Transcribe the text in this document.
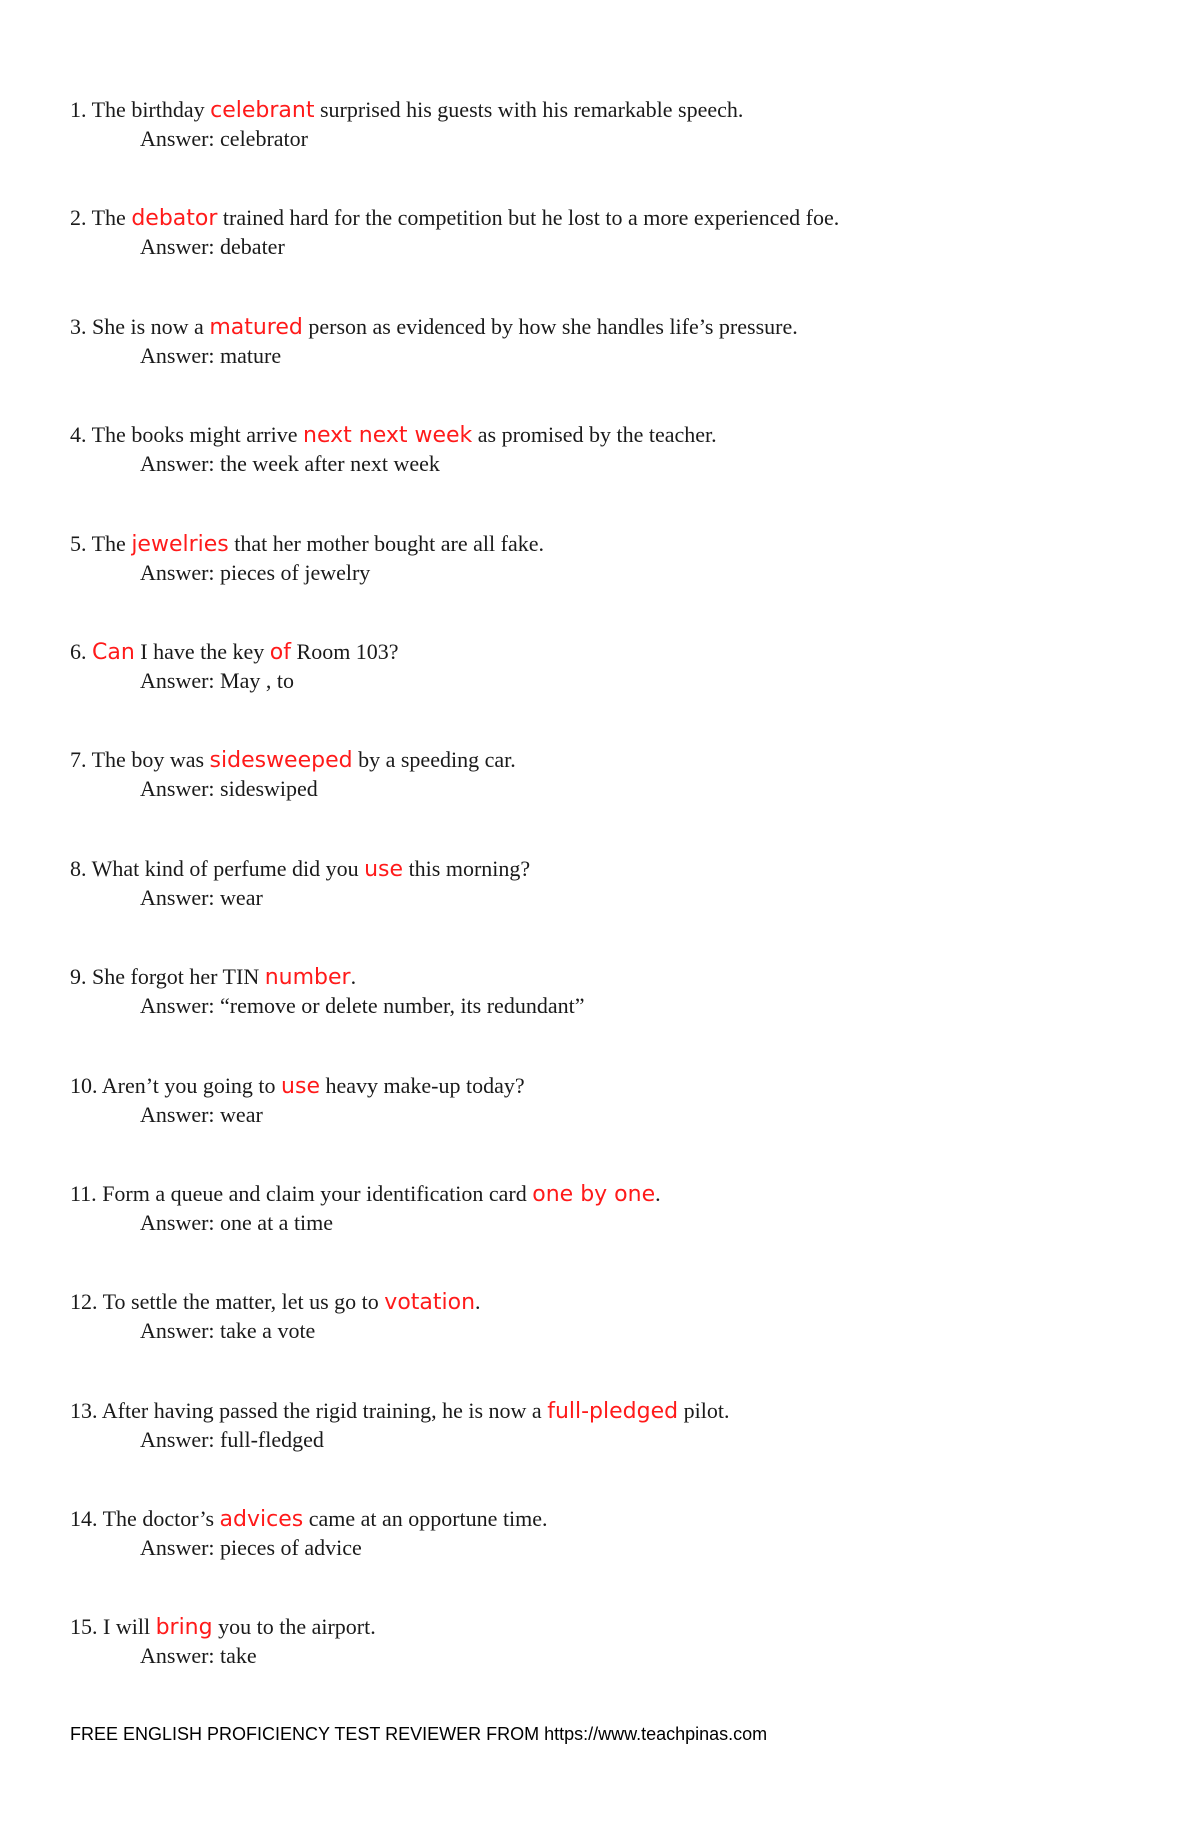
1. The birthday celebrant surprised his guests with his remarkable speech.
Answer: celebrator
2. The debator trained hard for the competition but he lost to a more experienced foe.
Answer: debater
3. She is now a matured person as evidenced by how she handles life’s pressure.
Answer: mature
4. The books might arrive next next week as promised by the teacher.
Answer: the week after next week
5. The jewelries that her mother bought are all fake.
Answer: pieces of jewelry
6. Can I have the key of Room 103?
Answer: May , to
7. The boy was sidesweeped by a speeding car.
Answer: sideswiped
8. What kind of perfume did you use this morning?
Answer: wear
9. She forgot her TIN number.
Answer: “remove or delete number, its redundant”
10. Aren’t you going to use heavy make-up today?
Answer: wear
11. Form a queue and claim your identification card one by one.
Answer: one at a time
12. To settle the matter, let us go to votation.
Answer: take a vote
13. After having passed the rigid training, he is now a full-pledged pilot.
Answer: full-fledged
14. The doctor’s advices came at an opportune time.
Answer: pieces of advice
15. I will bring you to the airport.
Answer: take
FREE ENGLISH PROFICIENCY TEST REVIEWER FROM https://www.teachpinas.com
